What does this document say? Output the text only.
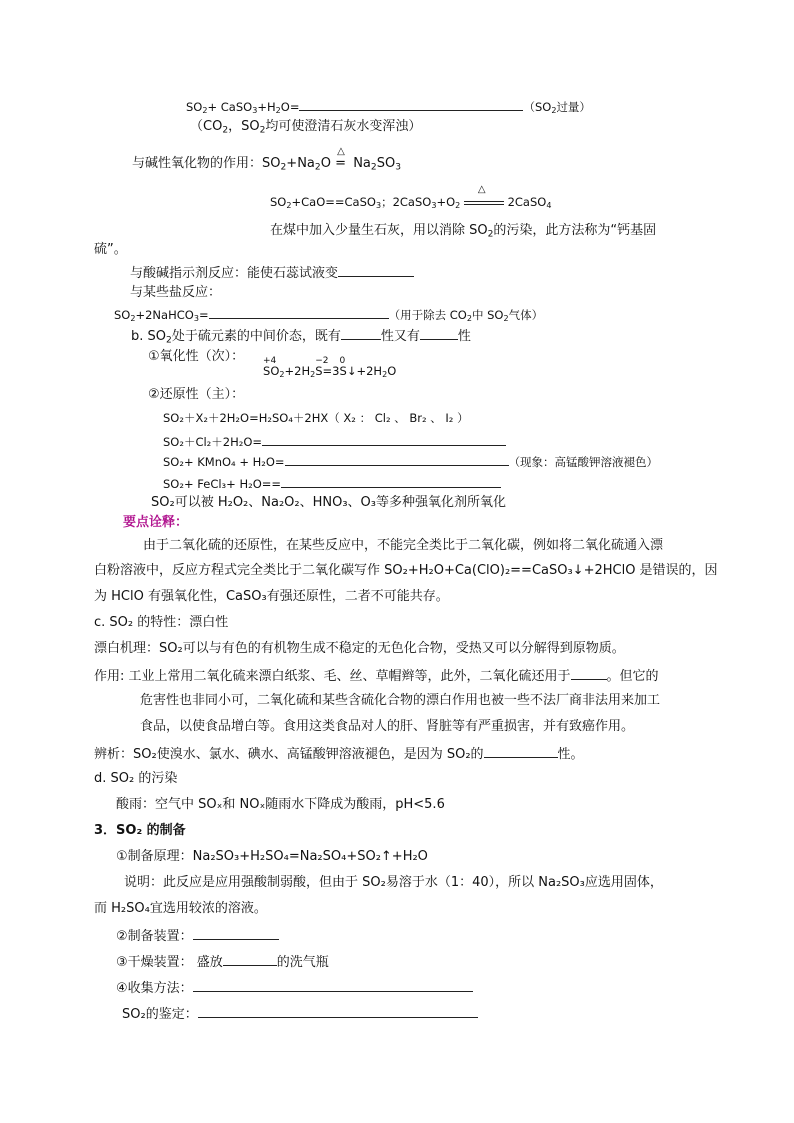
$SO_2+$ $CaSO_3+H_2O=$	（$SO_2$过量）
（$CO_2$，$SO_2$均可使澄清石灰水变浑浊）
与碱性氧化物的作用：$SO_2+Na_2O$
△
= $Na_2SO_3$
$SO_2+CaO==CaSO_3$；$2CaSO_3+O_2$
△
2CaSO$_4$
在煤中加入少量生石灰，用以消除 $SO_2$的污染，此方法称为“钙基固
硫”。
与酸碱指示剂反应：能使石蕊试液变
与某些盐反应：
$SO_2+2NaHCO_3=$	（用于除去 $CO_2$中 $SO_2$气体）
b. $SO_2$处于硫元素的中间价态，既有	性又有	性
①氧化性（次）： +4
$SO_2+2H_2$
−2
S=3
0
$S↓+2H_2O$
②还原性（主）：
SO₂＋X₂＋2H₂O=H₂SO₄＋2HX（ X₂ ： Cl₂ 、 Br₂ 、 I₂ ）
SO₂＋Cl₂＋2H₂O=
SO₂+ KMnO₄ + H₂O=	（现象：高锰酸钾溶液褪色）
SO₂+ FeCl₃+ H₂O==
SO₂可以被 H₂O₂、Na₂O₂、HNO₃、O₃等多种强氧化剂所氧化
要点诠释：
由于二氧化硫的还原性，在某些反应中，不能完全类比于二氧化碳，例如将二氧化硫通入漂
白粉溶液中，反应方程式完全类比于二氧化碳写作 SO₂+H₂O+Ca(ClO)₂==CaSO₃↓+2HClO 是错误的，因
为 HClO 有强氧化性，CaSO₃有强还原性，二者不可能共存。
c. SO₂ 的特性：漂白性
漂白机理：SO₂可以与有色的有机物生成不稳定的无色化合物，受热又可以分解得到原物质。
作用: 工业上常用二氧化硫来漂白纸浆、毛、丝、草帽辫等，此外，二氧化硫还用于	。但它的
危害性也非同小可，二氧化硫和某些含硫化合物的漂白作用也被一些不法厂商非法用来加工
食品，以使食品增白等。食用这类食品对人的肝、肾脏等有严重损害，并有致癌作用。
辨析：SO₂使溴水、氯水、碘水、高锰酸钾溶液褪色，是因为 SO₂的	性。
d. SO₂ 的污染
酸雨：空气中 SOₓ和 NOₓ随雨水下降成为酸雨，pH<5.6
3．SO₂ 的制备
①制备原理：Na₂SO₃+H₂SO₄=Na₂SO₄+SO₂↑+H₂O
说明：此反应是应用强酸制弱酸，但由于 SO₂易溶于水（1：40），所以 Na₂SO₃应选用固体，
而 H₂SO₄宜选用较浓的溶液。
②制备装置：
③干燥装置： 盛放	的洗气瓶
④收集方法：
SO₂的鉴定：
